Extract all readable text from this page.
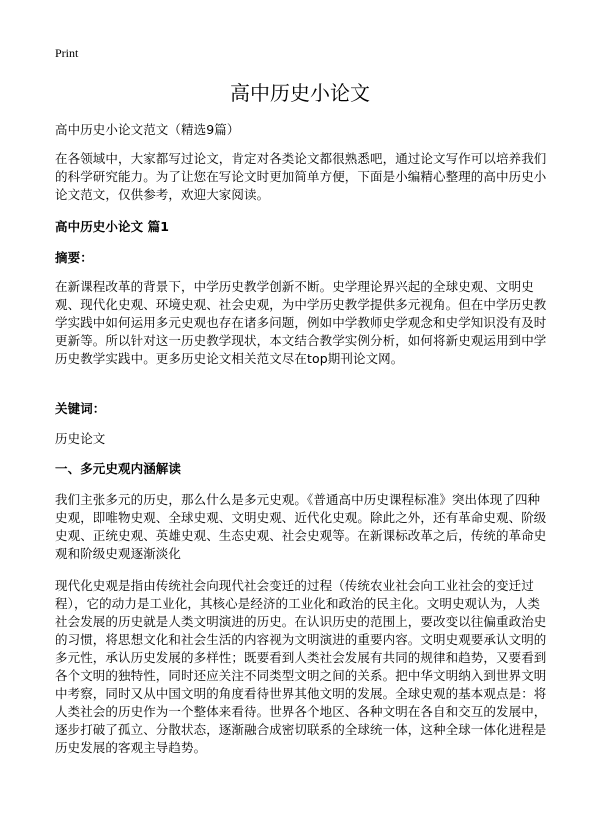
Print
高中历史小论文
高中历史小论文范文（精选9篇）
在各领域中，大家都写过论文，肯定对各类论文都很熟悉吧，通过论文写作可以培养我们的科学研究能力。为了让您在写论文时更加简单方便，下面是小编精心整理的高中历史小论文范文，仅供参考，欢迎大家阅读。
高中历史小论文 篇1
摘要：
在新课程改革的背景下，中学历史教学创新不断。史学理论界兴起的全球史观、文明史观、现代化史观、环境史观、社会史观，为中学历史教学提供多元视角。但在中学历史教学实践中如何运用多元史观也存在诸多问题，例如中学教师史学观念和史学知识没有及时更新等。所以针对这一历史教学现状，本文结合教学实例分析，如何将新史观运用到中学历史教学实践中。更多历史论文相关范文尽在top期刊论文网。
关键词：
历史论文
一、多元史观内涵解读
我们主张多元的历史，那么什么是多元史观。《普通高中历史课程标准》突出体现了四种史观，即唯物史观、全球史观、文明史观、近代化史观。除此之外，还有革命史观、阶级史观、正统史观、英雄史观、生态史观、社会史观等。在新课标改革之后，传统的革命史观和阶级史观逐渐淡化
现代化史观是指由传统社会向现代社会变迁的过程（传统农业社会向工业社会的变迁过程），它的动力是工业化，其核心是经济的工业化和政治的民主化。文明史观认为，人类社会发展的历史就是人类文明演进的历史。在认识历史的范围上，要改变以往偏重政治史的习惯，将思想文化和社会生活的内容视为文明演进的重要内容。文明史观要承认文明的多元性，承认历史发展的多样性；既要看到人类社会发展有共同的规律和趋势，又要看到各个文明的独特性，同时还应关注不同类型文明之间的关系。把中华文明纳入到世界文明中考察，同时又从中国文明的角度看待世界其他文明的发展。全球史观的基本观点是：将人类社会的历史作为一个整体来看待。世界各个地区、各种文明在各自和交互的发展中，逐步打破了孤立、分散状态，逐渐融合成密切联系的全球统一体，这种全球一体化进程是历史发展的客观主导趋势。
